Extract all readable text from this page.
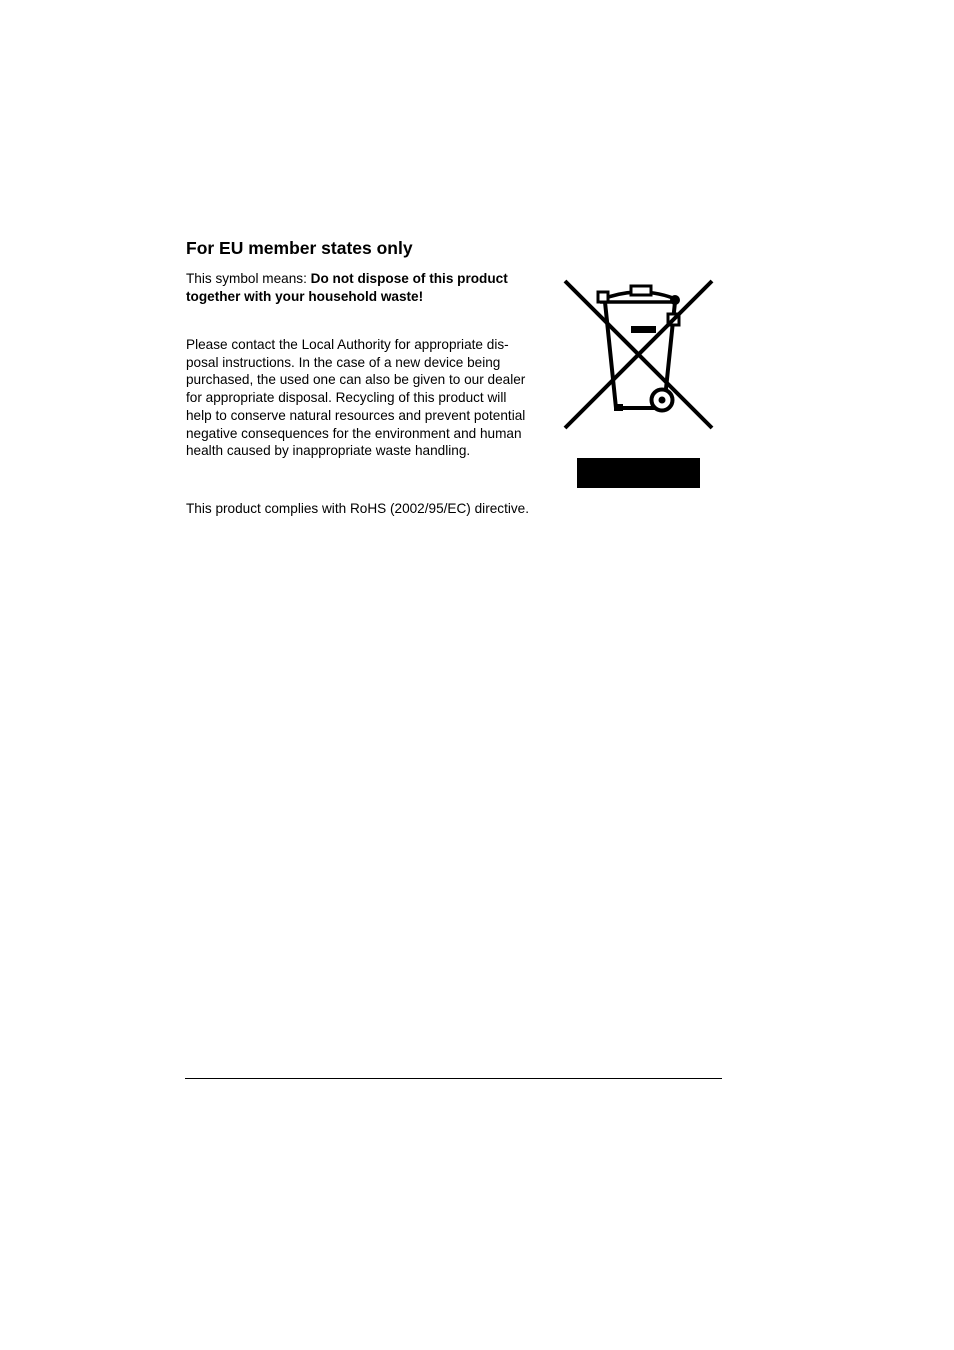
For EU member states only

This symbol means: Do not dispose of this product together with your household waste!

Please contact the Local Authority for appropriate dis-
posal instructions. In the case of a new device being
purchased, the used one can also be given to our dealer
for appropriate disposal. Recycling of this product will
help to conserve natural resources and prevent potential
negative consequences for the environment and human
health caused by inappropriate waste handling.

This product complies with RoHS (2002/95/EC) directive.
